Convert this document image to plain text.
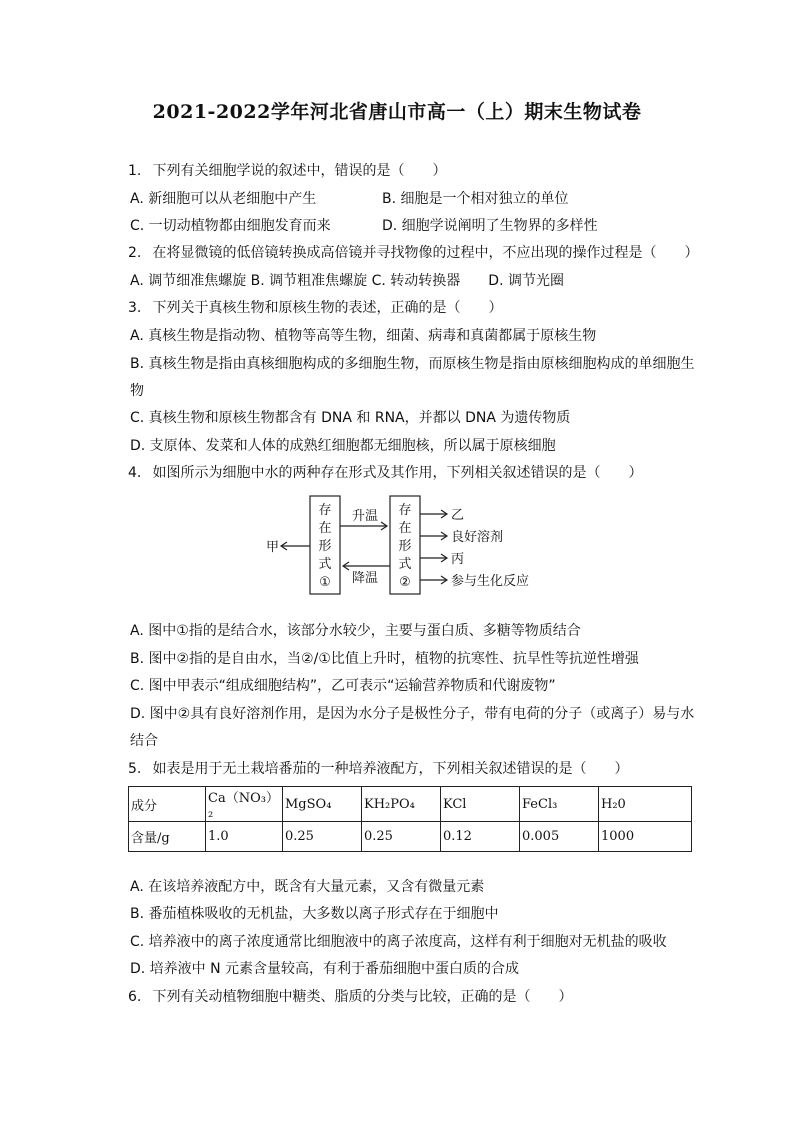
2021-2022学年河北省唐山市高一（上）期末生物试卷
1. 下列有关细胞学说的叙述中，错误的是（　　）
A. 新细胞可以从老细胞中产生	B. 细胞是一个相对独立的单位
C. 一切动植物都由细胞发育而来	D. 细胞学说阐明了生物界的多样性
2. 在将显微镜的低倍镜转换成高倍镜并寻找物像的过程中，不应出现的操作过程是（　　）
A. 调节细准焦螺旋 B. 调节粗准焦螺旋 C. 转动转换器　　D. 调节光圈
3. 下列关于真核生物和原核生物的表述，正确的是（　　）
A. 真核生物是指动物、植物等高等生物，细菌、病毒和真菌都属于原核生物
B. 真核生物是指由真核细胞构成的多细胞生物，而原核生物是指由原核细胞构成的单细胞生
物
C. 真核生物和原核生物都含有 DNA 和 RNA，并都以 DNA 为遗传物质
D. 支原体、发菜和人体的成熟红细胞都无细胞核，所以属于原核细胞
4. 如图所示为细胞中水的两种存在形式及其作用，下列相关叙述错误的是（　　）
存
在
形
式
①
存
在
形
式
②
升温
降温
甲
乙
良好溶剂
丙
参与生化反应
A. 图中①指的是结合水，该部分水较少，主要与蛋白质、多糖等物质结合
B. 图中②指的是自由水，当②/①比值上升时，植物的抗寒性、抗旱性等抗逆性增强
C. 图中甲表示“组成细胞结构”，乙可表示“运输营养物质和代谢废物”
D. 图中②具有良好溶剂作用，是因为水分子是极性分子，带有电荷的分子（或离子）易与水
结合
5. 如表是用于无土栽培番茄的一种培养液配方，下列相关叙述错误的是（　　）
成分	Ca（NO₃）₂	MgSO₄	KH₂PO₄	KCl	FeCl₃	H₂0
含量/g	1.0	0.25	0.25	0.12	0.005	1000
A. 在该培养液配方中，既含有大量元素，又含有微量元素
B. 番茄植株吸收的无机盐，大多数以离子形式存在于细胞中
C. 培养液中的离子浓度通常比细胞液中的离子浓度高，这样有利于细胞对无机盐的吸收
D. 培养液中 N 元素含量较高，有利于番茄细胞中蛋白质的合成
6. 下列有关动植物细胞中糖类、脂质的分类与比较，正确的是（　　）
